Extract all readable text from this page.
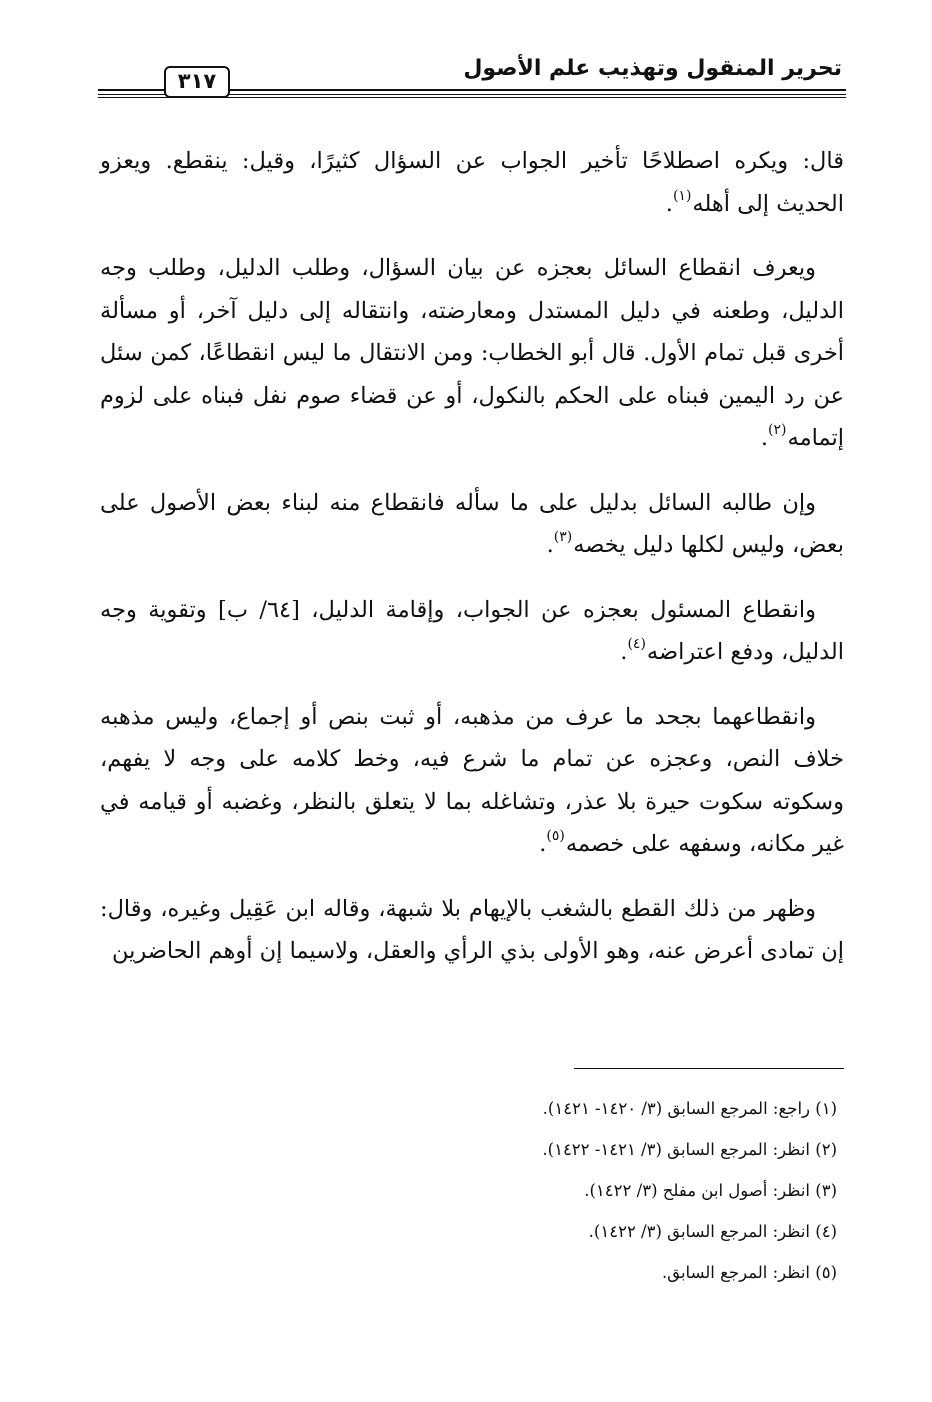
تحرير المنقول وتهذيب علم الأصول
٣١٧

قال: ويكره اصطلاحًا تأخير الجواب عن السؤال كثيرًا، وقيل: ينقطع. ويعزو الحديث إلى أهله$^{(١)}$.

ويعرف انقطاع السائل بعجزه عن بيان السؤال، وطلب الدليل، وطلب وجه الدليل، وطعنه في دليل المستدل ومعارضته، وانتقاله إلى دليل آخر، أو مسألة أخرى قبل تمام الأول. قال أبو الخطاب: ومن الانتقال ما ليس انقطاعًا، كمن سئل عن رد اليمين فبناه على الحكم بالنكول، أو عن قضاء صوم نفل فبناه على لزوم إتمامه$^{(٢)}$.

وإن طالبه السائل بدليل على ما سأله فانقطاع منه لبناء بعض الأصول على بعض، وليس لكلها دليل يخصه$^{(٣)}$.

وانقطاع المسئول بعجزه عن الجواب، وإقامة الدليل، [٦٤/ ب] وتقوية وجه الدليل، ودفع اعتراضه$^{(٤)}$.

وانقطاعهما بجحد ما عرف من مذهبه، أو ثبت بنص أو إجماع، وليس مذهبه خلاف النص، وعجزه عن تمام ما شرع فيه، وخط كلامه على وجه لا يفهم، وسكوته سكوت حيرة بلا عذر، وتشاغله بما لا يتعلق بالنظر، وغضبه أو قيامه في غير مكانه، وسفهه على خصمه$^{(٥)}$.

وظهر من ذلك القطع بالشغب بالإيهام بلا شبهة، وقاله ابن عَقِيل وغيره، وقال: إن تمادى أعرض عنه، وهو الأولى بذي الرأي والعقل، ولاسيما إن أوهم الحاضرين

(١) راجع: المرجع السابق (٣/ ١٤٢٠- ١٤٢١).
(٢) انظر: المرجع السابق (٣/ ١٤٢١- ١٤٢٢).
(٣) انظر: أصول ابن مفلح (٣/ ١٤٢٢).
(٤) انظر: المرجع السابق (٣/ ١٤٢٢).
(٥) انظر: المرجع السابق.
